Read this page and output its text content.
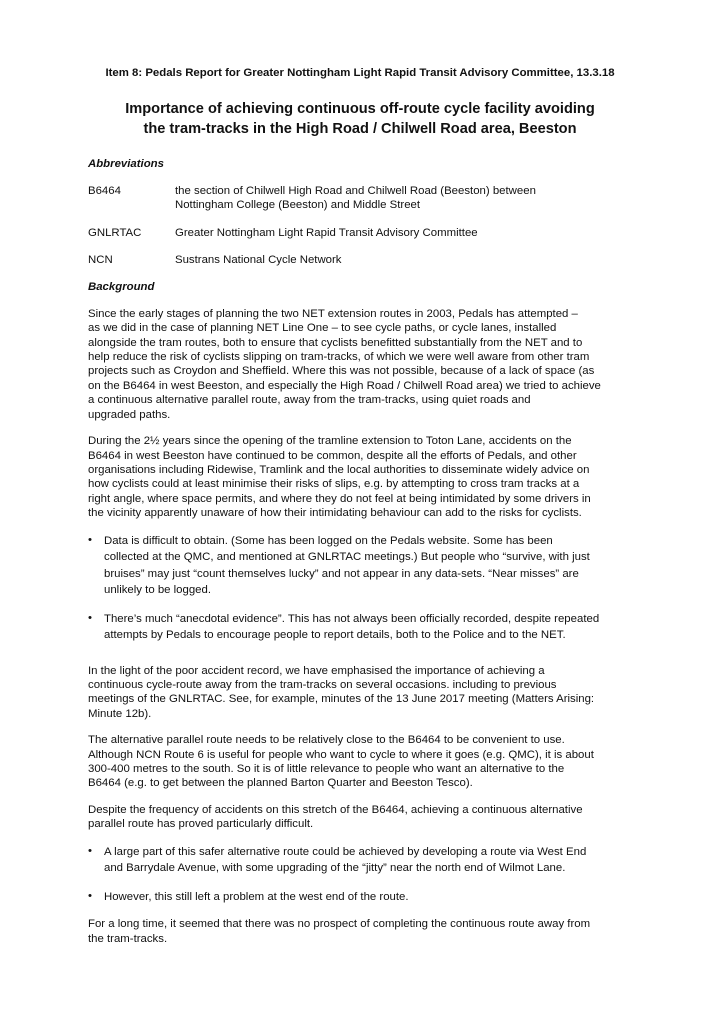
Item 8: Pedals Report for Greater Nottingham Light Rapid Transit Advisory Committee, 13.3.18
Importance of achieving continuous off-route cycle facility avoiding
the tram-tracks in the High Road / Chilwell Road area, Beeston
Abbreviations
B6464	the section of Chilwell High Road and Chilwell Road (Beeston) between
Nottingham College (Beeston) and Middle Street
GNLRTAC	Greater Nottingham Light Rapid Transit Advisory Committee
NCN	Sustrans National Cycle Network
Background
Since the early stages of planning the two NET extension routes in 2003, Pedals has attempted –
as we did in the case of planning NET Line One – to see cycle paths, or cycle lanes, installed
alongside the tram routes, both to ensure that cyclists benefitted substantially from the NET and to
help reduce the risk of cyclists slipping on tram-tracks, of which we were well aware from other tram
projects such as Croydon and Sheffield. Where this was not possible, because of a lack of space (as
on the B6464 in west Beeston, and especially the High Road / Chilwell Road area) we tried to achieve
a continuous alternative parallel route, away from the tram-tracks, using quiet roads and
upgraded paths.
During the 2½ years since the opening of the tramline extension to Toton Lane, accidents on the
B6464 in west Beeston have continued to be common, despite all the efforts of Pedals, and other
organisations including Ridewise, Tramlink and the local authorities to disseminate widely advice on
how cyclists could at least minimise their risks of slips, e.g. by attempting to cross tram tracks at a
right angle, where space permits, and where they do not feel at being intimidated by some drivers in
the vicinity apparently unaware of how their intimidating behaviour can add to the risks for cyclists.
• Data is difficult to obtain. (Some has been logged on the Pedals website. Some has been
collected at the QMC, and mentioned at GNLRTAC meetings.) But people who “survive, with just
bruises” may just “count themselves lucky” and not appear in any data-sets. “Near misses” are
unlikely to be logged.
• There’s much “anecdotal evidence”. This has not always been officially recorded, despite repeated
attempts by Pedals to encourage people to report details, both to the Police and to the NET.
In the light of the poor accident record, we have emphasised the importance of achieving a
continuous cycle-route away from the tram-tracks on several occasions. including to previous
meetings of the GNLRTAC. See, for example, minutes of the 13 June 2017 meeting (Matters Arising:
Minute 12b).
The alternative parallel route needs to be relatively close to the B6464 to be convenient to use.
Although NCN Route 6 is useful for people who want to cycle to where it goes (e.g. QMC), it is about
300-400 metres to the south. So it is of little relevance to people who want an alternative to the
B6464 (e.g. to get between the planned Barton Quarter and Beeston Tesco).
Despite the frequency of accidents on this stretch of the B6464, achieving a continuous alternative
parallel route has proved particularly difficult.
• A large part of this safer alternative route could be achieved by developing a route via West End
and Barrydale Avenue, with some upgrading of the “jitty” near the north end of Wilmot Lane.
• However, this still left a problem at the west end of the route.
For a long time, it seemed that there was no prospect of completing the continuous route away from
the tram-tracks.
